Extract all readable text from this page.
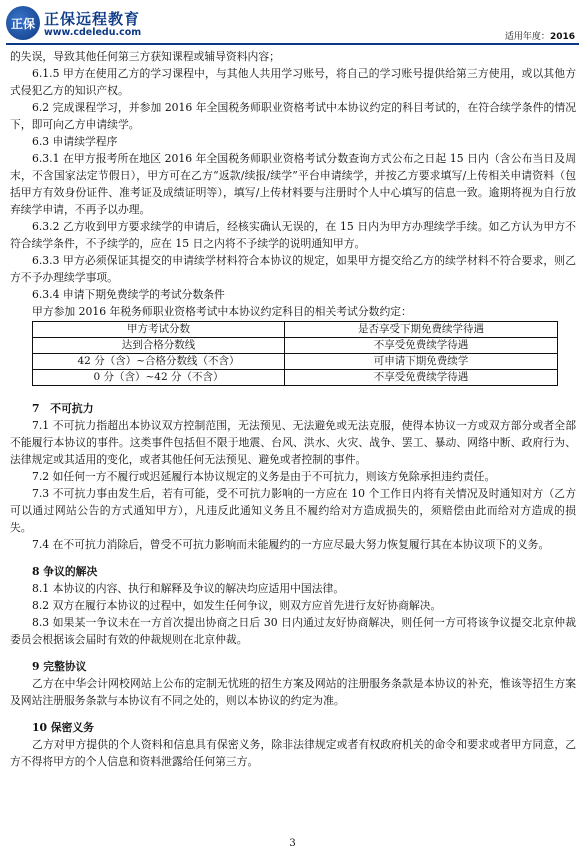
正保 正保远程教育
www.cdeledu.com	适用年度：2016

的失误，导致其他任何第三方获知课程或辅导资料内容；

6.1.5 甲方在使用乙方的学习课程中，与其他人共用学习账号，将自己的学习账号提供给第三方使用，或以其他方式侵犯乙方的知识产权。

6.2 完成课程学习，并参加 2016 年全国税务师职业资格考试中本协议约定的科目考试的，在符合续学条件的情况下，即可向乙方申请续学。

6.3 申请续学程序

6.3.1 在甲方报考所在地区 2016 年全国税务师职业资格考试分数查询方式公布之日起 15 日内（含公布当日及周末，不含国家法定节假日），甲方可在乙方“返款/续报/续学”平台申请续学，并按乙方要求填写/上传相关申请资料（包括甲方有效身份证件、准考证及成绩证明等），填写/上传材料要与注册时个人中心填写的信息一致。逾期将视为自行放弃续学申请，不再予以办理。

6.3.2 乙方收到甲方要求续学的申请后，经核实确认无误的，在 15 日内为甲方办理续学手续。如乙方认为甲方不符合续学条件，不予续学的，应在 15 日之内将不予续学的说明通知甲方。

6.3.3 甲方必须保证其提交的申请续学材料符合本协议的规定，如果甲方提交给乙方的续学材料不符合要求，则乙方不予办理续学事项。

6.3.4 申请下期免费续学的考试分数条件

甲方参加 2016 年税务师职业资格考试中本协议约定科目的相关考试分数约定：

甲方考试分数	是否享受下期免费续学待遇
达到合格分数线	不享受免费续学待遇
42 分（含）~合格分数线（不含）	可申请下期免费续学
0 分（含）~42 分（不含）	不享受免费续学待遇

7　不可抗力

7.1 不可抗力指超出本协议双方控制范围，无法预见、无法避免或无法克服，使得本协议一方或双方部分或者全部不能履行本协议的事件。这类事件包括但不限于地震、台风、洪水、火灾、战争、罢工、暴动、网络中断、政府行为、法律规定或其适用的变化，或者其他任何无法预见、避免或者控制的事件。

7.2 如任何一方不履行或迟延履行本协议规定的义务是由于不可抗力，则该方免除承担违约责任。

7.3 不可抗力事由发生后，若有可能，受不可抗力影响的一方应在 10 个工作日内将有关情况及时通知对方（乙方可以通过网站公告的方式通知甲方），凡违反此通知义务且不履约给对方造成损失的，须赔偿由此而给对方造成的损失。

7.4 在不可抗力消除后，曾受不可抗力影响而未能履约的一方应尽最大努力恢复履行其在本协议项下的义务。

8 争议的解决

8.1 本协议的内容、执行和解释及争议的解决均应适用中国法律。

8.2 双方在履行本协议的过程中，如发生任何争议，则双方应首先进行友好协商解决。

8.3 如果某一争议未在一方首次提出协商之日后 30 日内通过友好协商解决，则任何一方可将该争议提交北京仲裁委员会根据该会届时有效的仲裁规则在北京仲裁。

9 完整协议

乙方在中华会计网校网站上公布的定制无忧班的招生方案及网站的注册服务条款是本协议的补充，惟该等招生方案及网站注册服务条款与本协议有不同之处的，则以本协议的约定为准。

10 保密义务

乙方对甲方提供的个人资料和信息具有保密义务，除非法律规定或者有权政府机关的命令和要求或者甲方同意，乙方不得将甲方的个人信息和资料泄露给任何第三方。

3
